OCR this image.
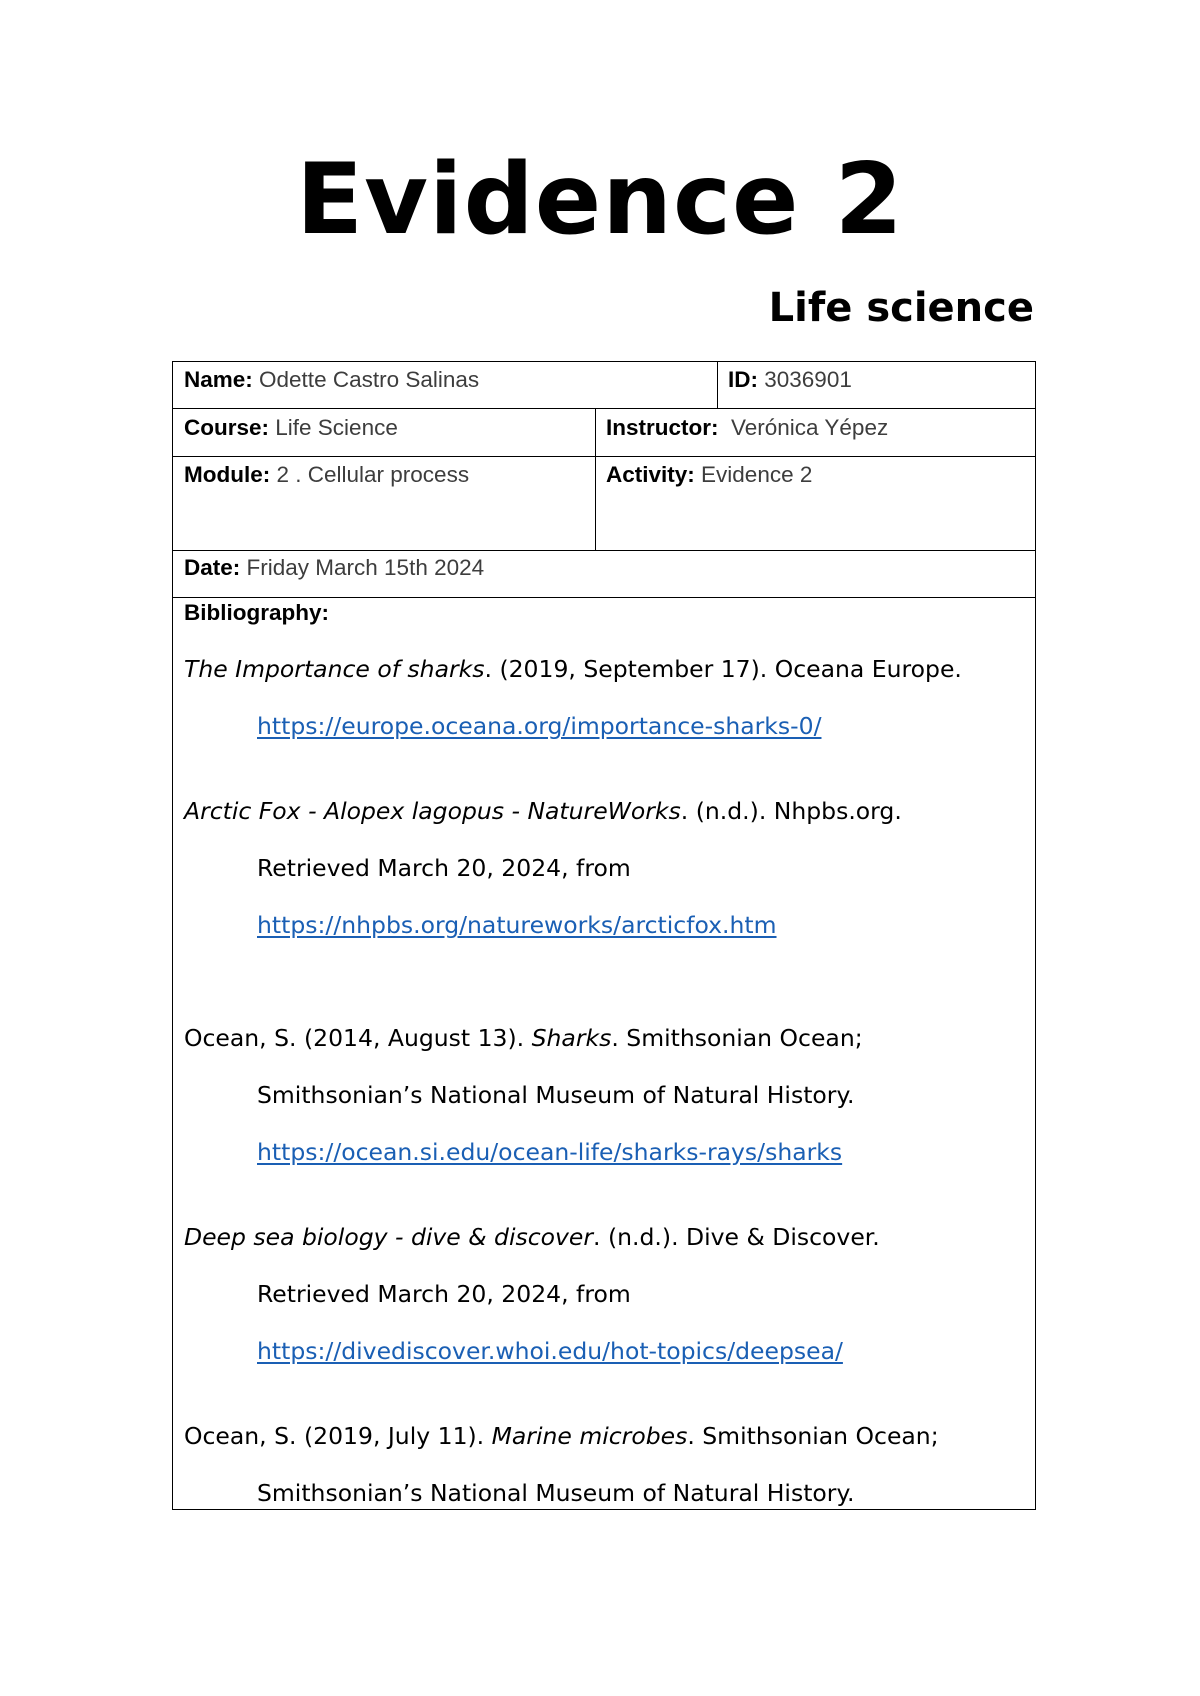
Evidence 2
Life science
Name: Odette Castro Salinas	ID: 3036901
Course: Life Science	Instructor:  Verónica Yépez
Module: 2 . Cellular process	Activity: Evidence 2
Date: Friday March 15th 2024
Bibliography:
The Importance of sharks. (2019, September 17). Oceana Europe.
https://europe.oceana.org/importance-sharks-0/
Arctic Fox - Alopex lagopus - NatureWorks. (n.d.). Nhpbs.org.
Retrieved March 20, 2024, from
https://nhpbs.org/natureworks/arcticfox.htm
Ocean, S. (2014, August 13). Sharks. Smithsonian Ocean;
Smithsonian’s National Museum of Natural History.
https://ocean.si.edu/ocean-life/sharks-rays/sharks
Deep sea biology - dive & discover. (n.d.). Dive & Discover.
Retrieved March 20, 2024, from
https://divediscover.whoi.edu/hot-topics/deepsea/
Ocean, S. (2019, July 11). Marine microbes. Smithsonian Ocean;
Smithsonian’s National Museum of Natural History.
